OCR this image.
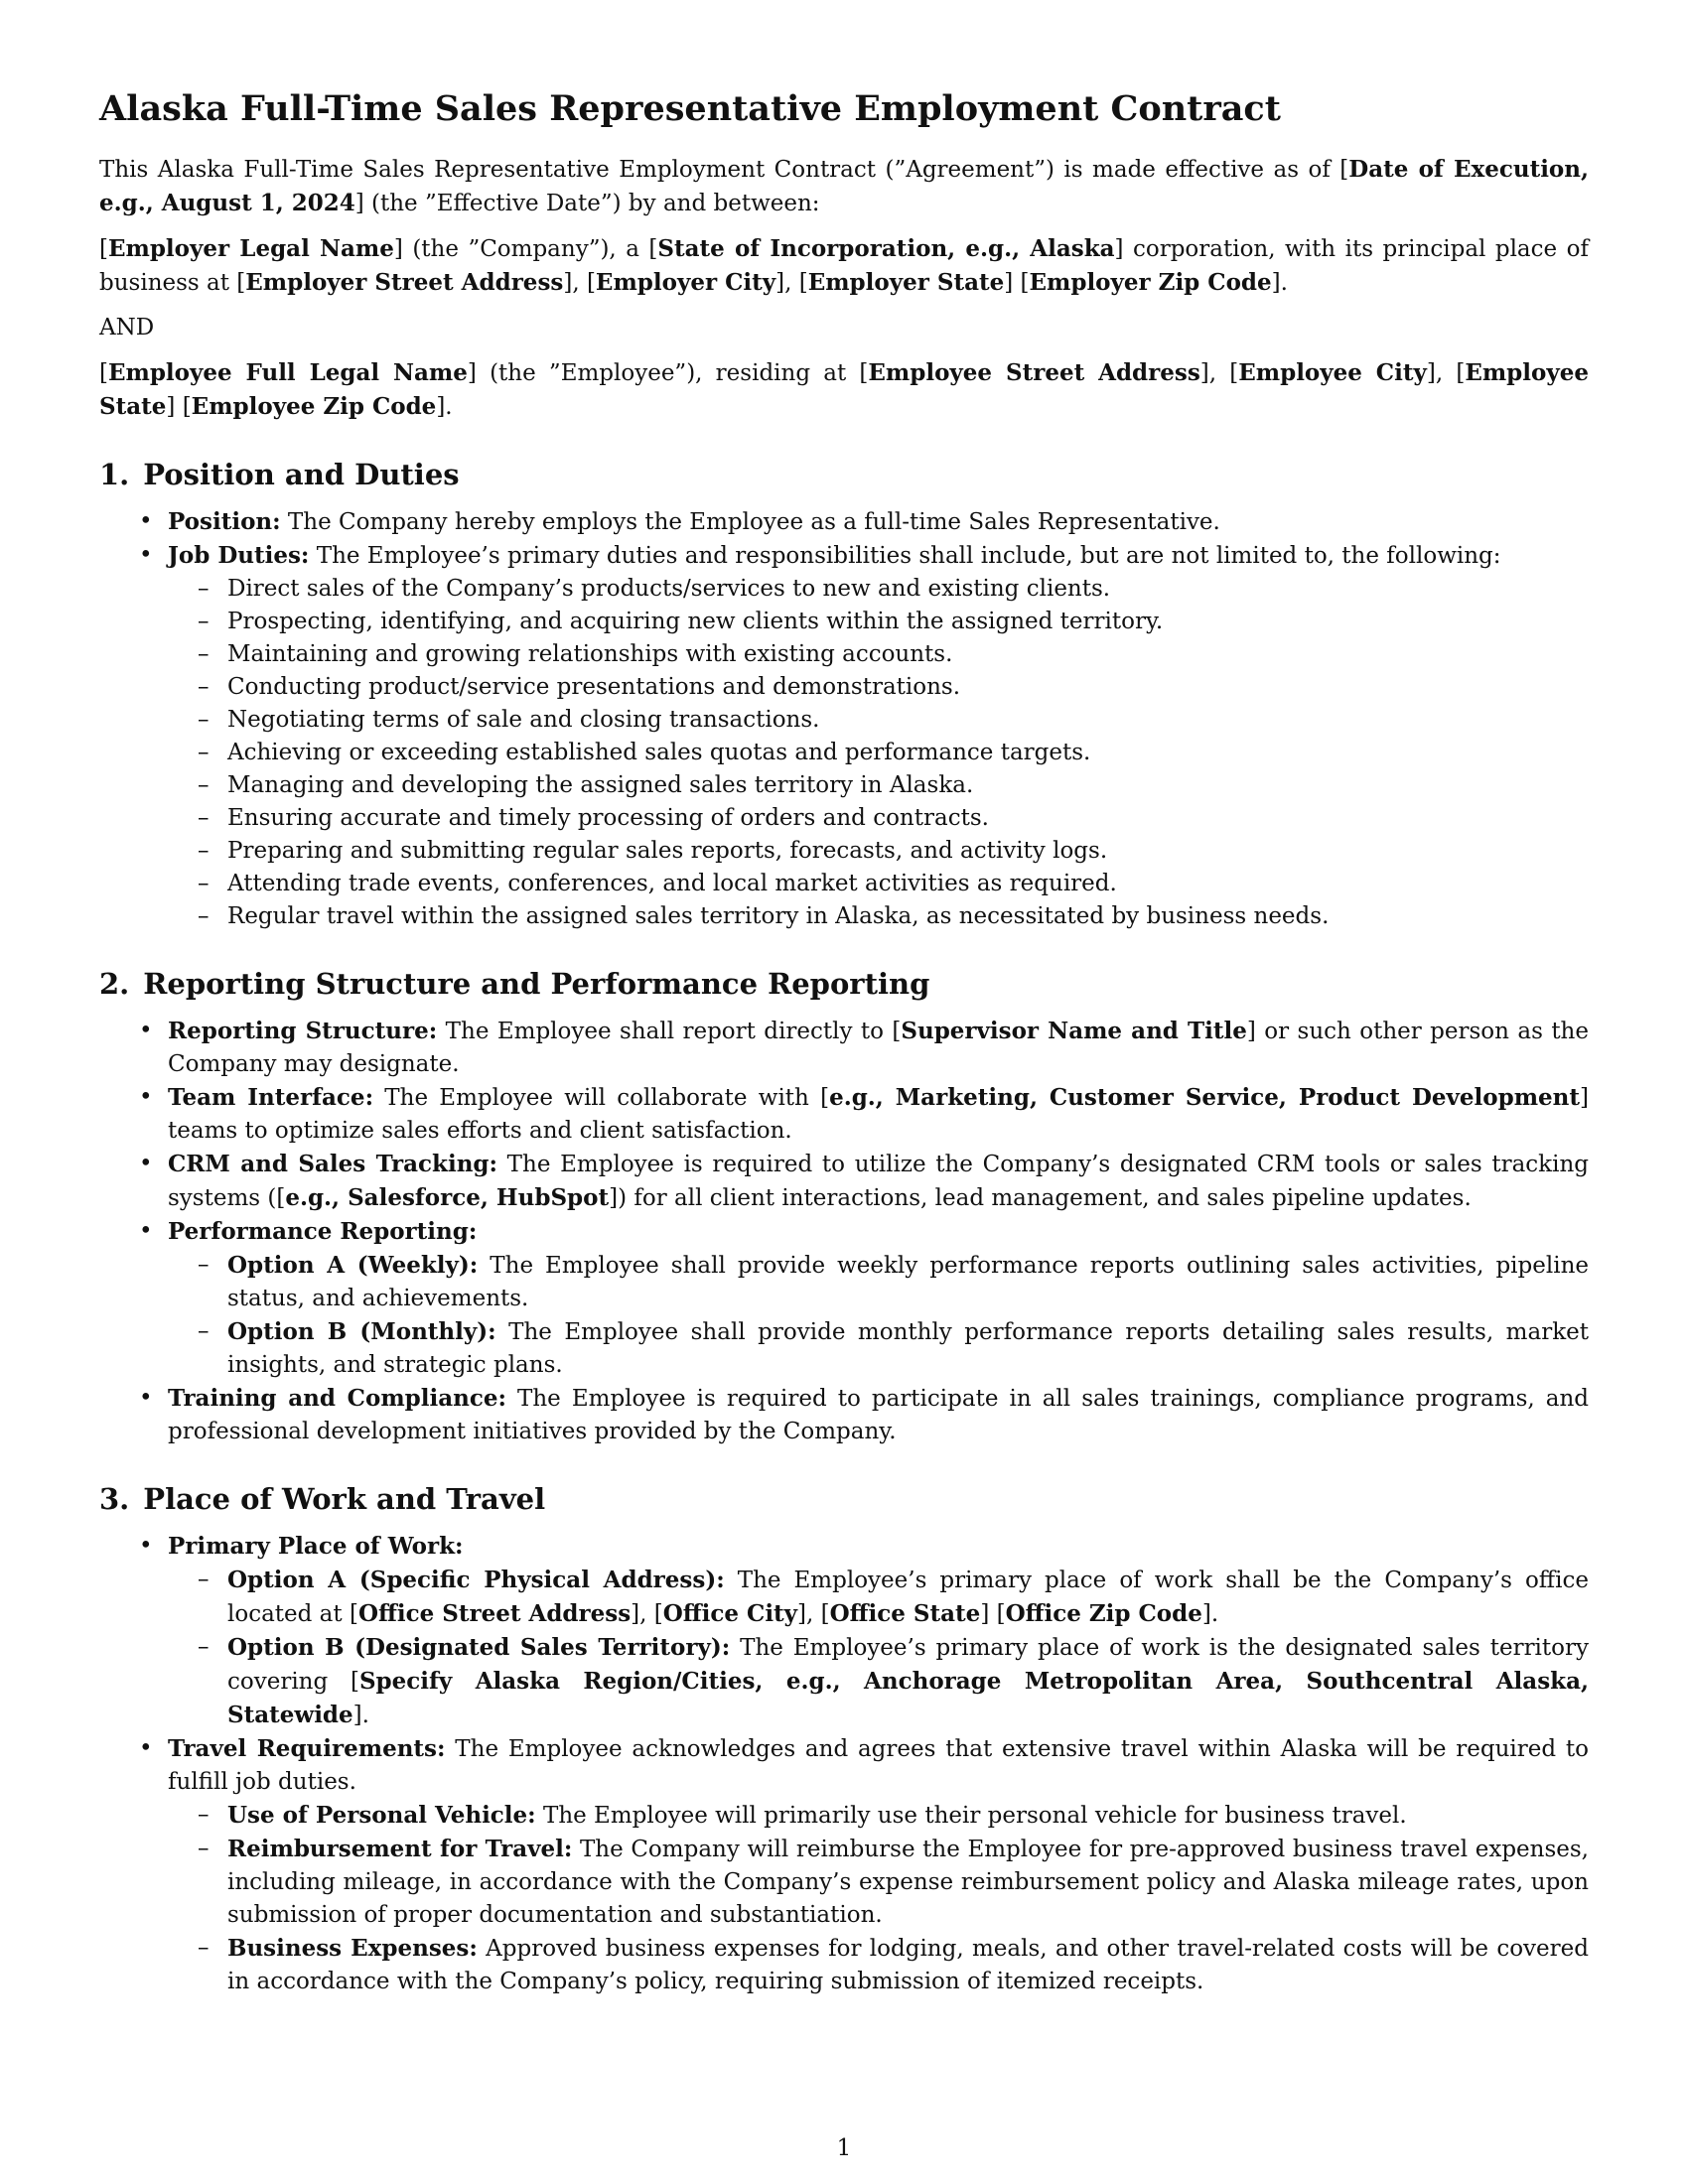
Alaska Full-Time Sales Representative Employment Contract

This Alaska Full-Time Sales Representative Employment Contract (”Agreement”) is made effective as of [Date of Execution, e.g., August 1, 2024] (the ”Effective Date”) by and between:

[Employer Legal Name] (the ”Company”), a [State of Incorporation, e.g., Alaska] corporation, with its principal place of business at [Employer Street Address], [Employer City], [Employer State] [Employer Zip Code].

AND

[Employee Full Legal Name] (the ”Employee”), residing at [Employee Street Address], [Employee City], [Employee State] [Employee Zip Code].

1. Position and Duties
• Position: The Company hereby employs the Employee as a full-time Sales Representative.
• Job Duties: The Employee’s primary duties and responsibilities shall include, but are not limited to, the following:
– Direct sales of the Company’s products/services to new and existing clients.
– Prospecting, identifying, and acquiring new clients within the assigned territory.
– Maintaining and growing relationships with existing accounts.
– Conducting product/service presentations and demonstrations.
– Negotiating terms of sale and closing transactions.
– Achieving or exceeding established sales quotas and performance targets.
– Managing and developing the assigned sales territory in Alaska.
– Ensuring accurate and timely processing of orders and contracts.
– Preparing and submitting regular sales reports, forecasts, and activity logs.
– Attending trade events, conferences, and local market activities as required.
– Regular travel within the assigned sales territory in Alaska, as necessitated by business needs.
2. Reporting Structure and Performance Reporting
• Reporting Structure: The Employee shall report directly to [Supervisor Name and Title] or such other person as the Company may designate.
• Team Interface: The Employee will collaborate with [e.g., Marketing, Customer Service, Product Development] teams to optimize sales efforts and client satisfaction.
• CRM and Sales Tracking: The Employee is required to utilize the Company’s designated CRM tools or sales tracking systems ([e.g., Salesforce, HubSpot]) for all client interactions, lead management, and sales pipeline updates.
• Performance Reporting:
– Option A (Weekly): The Employee shall provide weekly performance reports outlining sales activities, pipeline status, and achievements.
– Option B (Monthly): The Employee shall provide monthly performance reports detailing sales results, market insights, and strategic plans.
• Training and Compliance: The Employee is required to participate in all sales trainings, compliance programs, and professional development initiatives provided by the Company.
3. Place of Work and Travel
• Primary Place of Work:
– Option A (Specific Physical Address): The Employee’s primary place of work shall be the Company’s office located at [Office Street Address], [Office City], [Office State] [Office Zip Code].
– Option B (Designated Sales Territory): The Employee’s primary place of work is the designated sales territory covering [Specify Alaska Region/Cities, e.g., Anchorage Metropolitan Area, Southcentral Alaska, Statewide].
• Travel Requirements: The Employee acknowledges and agrees that extensive travel within Alaska will be required to fulfill job duties.
– Use of Personal Vehicle: The Employee will primarily use their personal vehicle for business travel.
– Reimbursement for Travel: The Company will reimburse the Employee for pre-approved business travel expenses, including mileage, in accordance with the Company’s expense reimbursement policy and Alaska mileage rates, upon submission of proper documentation and substantiation.
– Business Expenses: Approved business expenses for lodging, meals, and other travel-related costs will be covered in accordance with the Company’s policy, requiring submission of itemized receipts.
1
